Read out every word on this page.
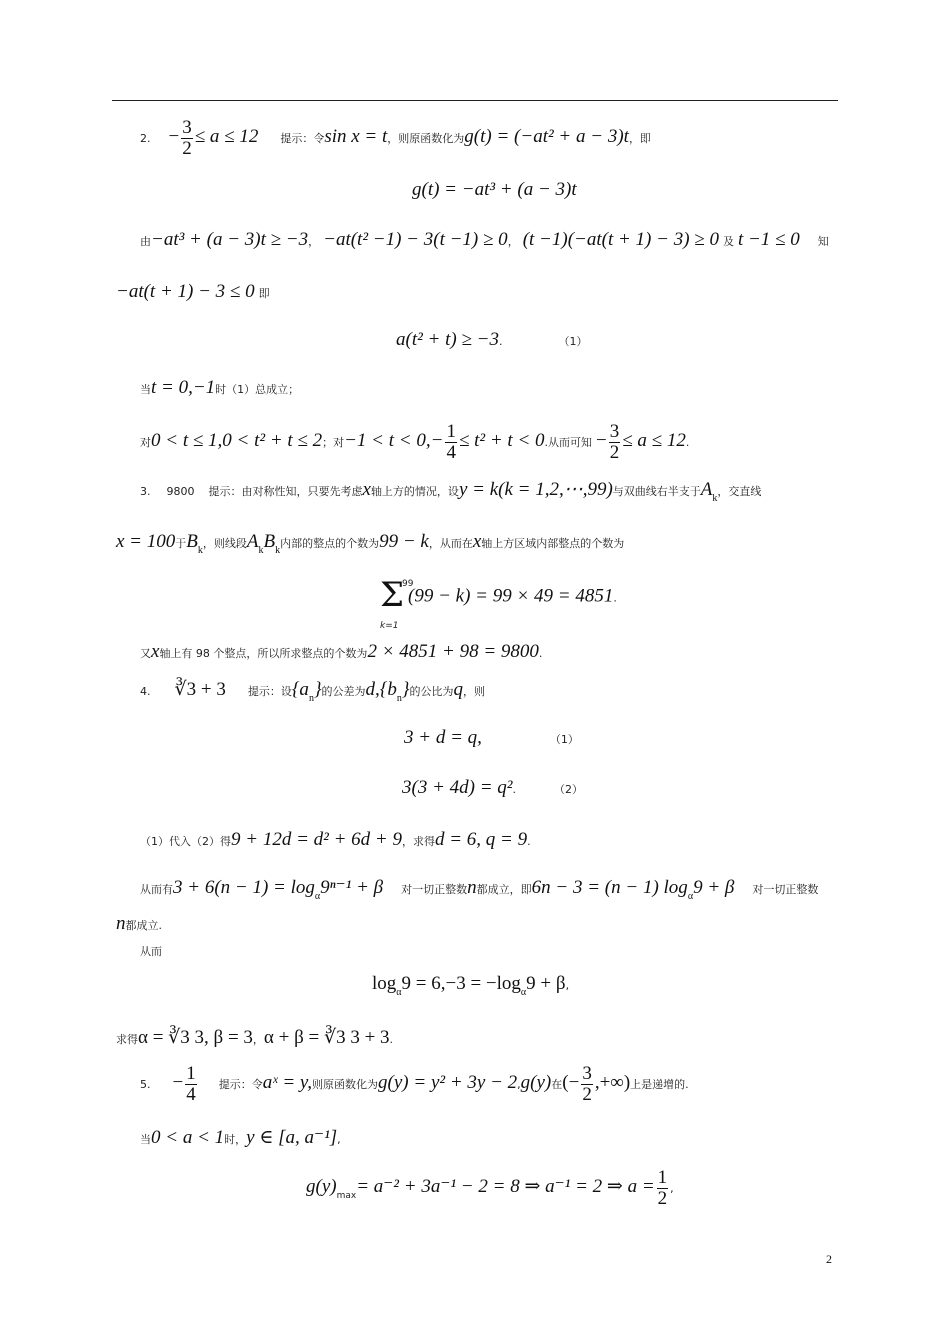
2. − $\frac{3}{2} \le a \le 12$ 提示：令sin x = t，则原函数化为g(t) = (−at² + a − 3)t，即
g(t) = −at³ + (a − 3)t
由−at³ + (a − 3)t ≥ −3， −at(t² −1) − 3(t −1) ≥ 0， (t −1)(−at(t + 1) − 3) ≥ 0 及 t −1 ≤ 0 知
−at(t + 1) − 3 ≤ 0 即
a(t² + t) ≥ −3.	（1）
当t = 0,−1时（1）总成立；
对0 < t ≤ 1,0 < t² + t ≤ 2；对$-1 < t < 0,- \frac{1}{4} \le t^2 + t < 0$.从而可知 − $\frac{3}{2} \le a \le 12$.
3. 9800 提示：由对称性知，只要先考虑x轴上方的情况，设y = k(k = 1,2,⋯,99)与双曲线右半支于$A_k$，交直线
x = 100于$B_k$，则线段$A_kB_k$内部的整点的个数为99 − k，从而在x轴上方区域内部整点的个数为
Σ
99
k=1
(99 − k) = 99 × 49 = 4851.
又x轴上有 98 个整点，所以所求整点的个数为2 × 4851 + 98 = 9800.
4. ∛3 + 3 提示：设$\{a_n\}$的公差为$d,\{b_n\}$的公比为q，则
3 + d = q,	（1）
3(3 + 4d) = q².	（2）
（1）代入（2）得9 + 12d = d² + 6d + 9，求得d = 6, q = 9.
从而有$3 + 6(n - 1) = \log_\alpha 9^{n-1} + \beta$ 对一切正整数n都成立，即6n − 3 = (n − 1) $\log_\alpha 9 + \beta$ 对一切正整数
n都成立.
从而
$\log_\alpha 9 = 6,-3 = -\log_\alpha 9 + \beta$,
求得α = ∛3 3, β = 3，α + β = ∛3 3 + 3.
5. − $\frac{1}{4}$ 提示：令aˣ = y,则原函数化为g(y) = y² + 3y − 2,g(y)在(− $\frac{3}{2}$ ,+∞)上是递增的.
当0 < a < 1时，y ∈ [a, a⁻¹],
$g(y)_{max}= a^{-2} + 3a^{-1} - 2 = 8$ ⇒ a⁻¹ = 2 ⇒ $a = \frac{1}{2}$ ,
2
